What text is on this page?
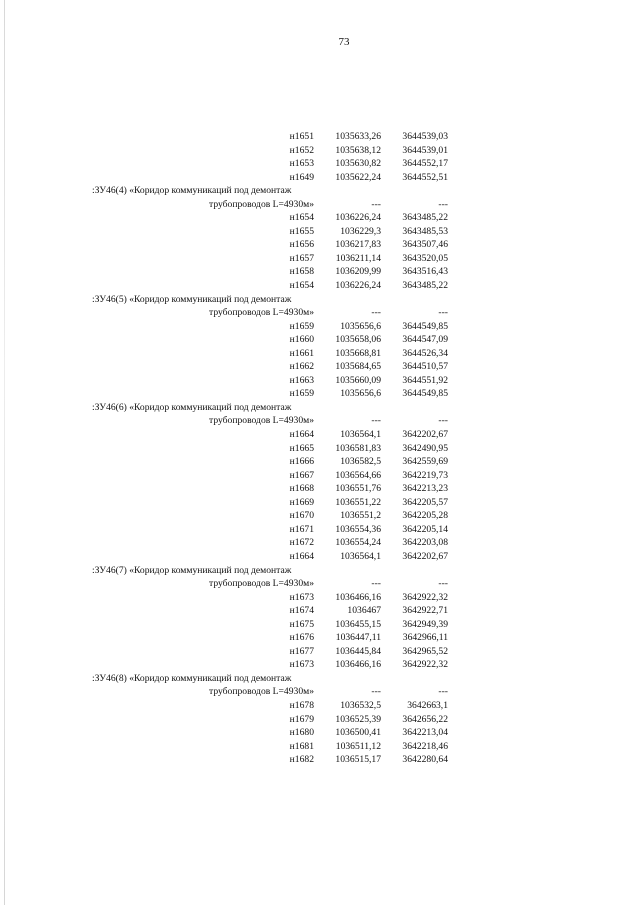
73
н1651	1035633,26	3644539,03
н1652	1035638,12	3644539,01
н1653	1035630,82	3644552,17
н1649	1035622,24	3644552,51
:ЗУ46(4) «Коридор коммуникаций под демонтаж
трубопроводов L=4930м»	---	---
н1654	1036226,24	3643485,22
н1655	1036229,3	3643485,53
н1656	1036217,83	3643507,46
н1657	1036211,14	3643520,05
н1658	1036209,99	3643516,43
н1654	1036226,24	3643485,22
:ЗУ46(5) «Коридор коммуникаций под демонтаж
трубопроводов L=4930м»	---	---
н1659	1035656,6	3644549,85
н1660	1035658,06	3644547,09
н1661	1035668,81	3644526,34
н1662	1035684,65	3644510,57
н1663	1035660,09	3644551,92
н1659	1035656,6	3644549,85
:ЗУ46(6) «Коридор коммуникаций под демонтаж
трубопроводов L=4930м»	---	---
н1664	1036564,1	3642202,67
н1665	1036581,83	3642490,95
н1666	1036582,5	3642559,69
н1667	1036564,66	3642219,73
н1668	1036551,76	3642213,23
н1669	1036551,22	3642205,57
н1670	1036551,2	3642205,28
н1671	1036554,36	3642205,14
н1672	1036554,24	3642203,08
н1664	1036564,1	3642202,67
:ЗУ46(7) «Коридор коммуникаций под демонтаж
трубопроводов L=4930м»	---	---
н1673	1036466,16	3642922,32
н1674	1036467	3642922,71
н1675	1036455,15	3642949,39
н1676	1036447,11	3642966,11
н1677	1036445,84	3642965,52
н1673	1036466,16	3642922,32
:ЗУ46(8) «Коридор коммуникаций под демонтаж
трубопроводов L=4930м»	---	---
н1678	1036532,5	3642663,1
н1679	1036525,39	3642656,22
н1680	1036500,41	3642213,04
н1681	1036511,12	3642218,46
н1682	1036515,17	3642280,64
